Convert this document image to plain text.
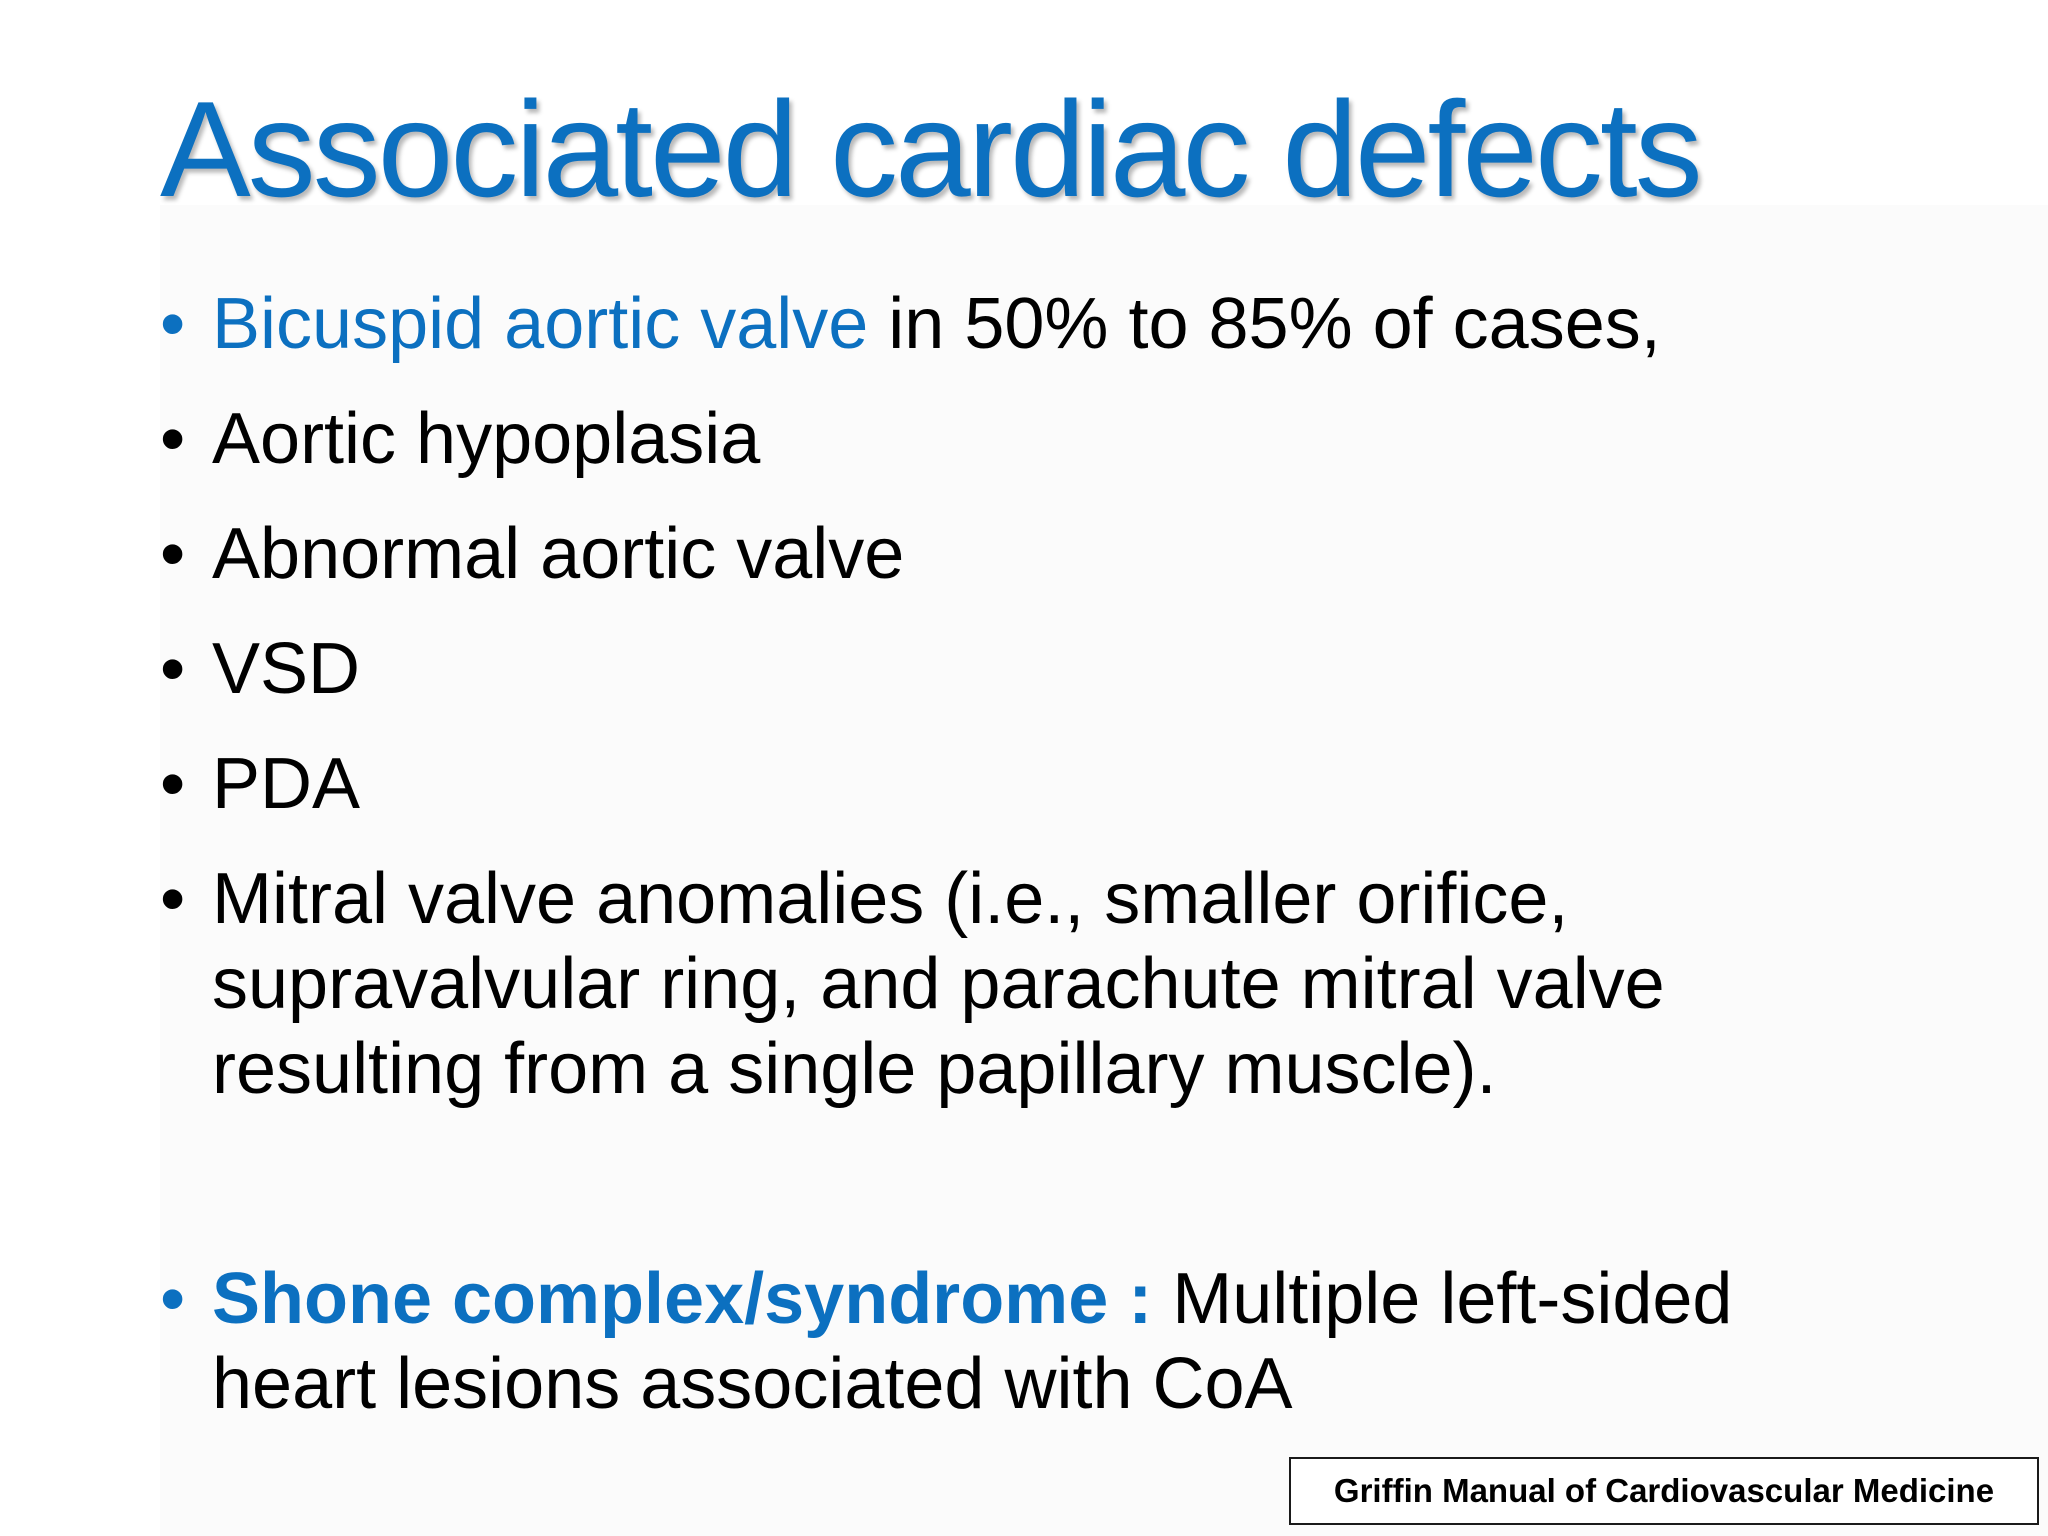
Associated cardiac defects
• Bicuspid aortic valve in 50% to 85% of cases,
• Aortic hypoplasia
• Abnormal aortic valve
• VSD
• PDA
• Mitral valve anomalies (i.e., smaller orifice, supravalvular ring, and parachute mitral valve resulting from a single papillary muscle).
• Shone complex/syndrome : Multiple left-sided heart lesions associated with CoA
Griffin Manual of Cardiovascular Medicine
